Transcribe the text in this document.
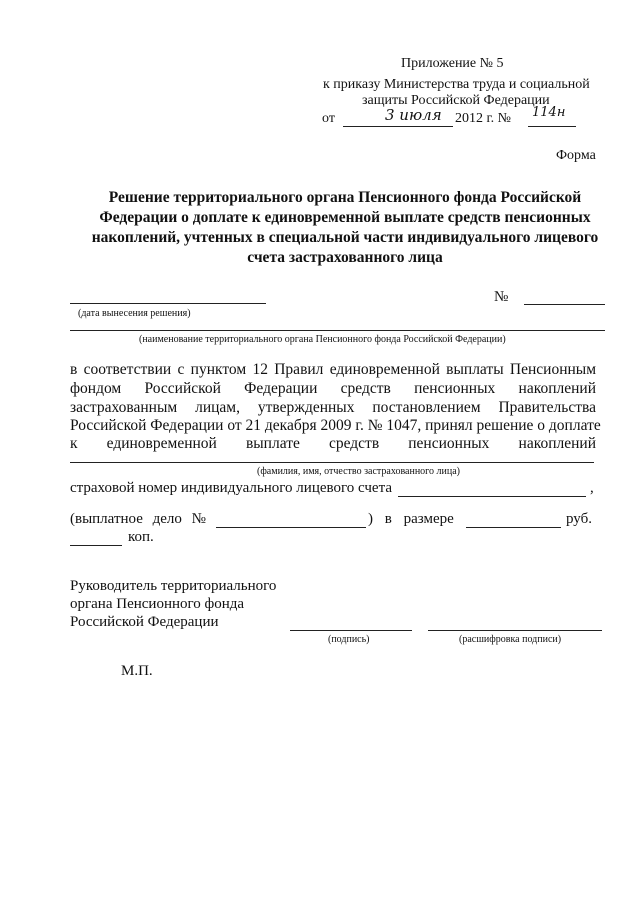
Приложение № 5
к приказу Министерства труда и социальной
защиты Российской Федерации
от	3 июля 2012 г. № 114н
Форма
Решение территориального органа Пенсионного фонда Российской
Федерации о доплате к единовременной выплате средств пенсионных
накоплений, учтенных в специальной части индивидуального лицевого
счета застрахованного лица
(дата вынесения решения)
№
(наименование территориального органа Пенсионного фонда Российской Федерации)
в соответствии с пунктом 12 Правил единовременной выплаты Пенсионным
фондом Российской Федерации средств пенсионных накоплений
застрахованным лицам, утвержденных постановлением Правительства
Российской Федерации от 21 декабря 2009 г. № 1047, принял решение о доплате
к единовременной выплате средств пенсионных накоплений
(фамилия, имя, отчество застрахованного лица)
страховой номер индивидуального лицевого счета	,
(выплатное дело №	) в размере	руб.
коп.
Руководитель территориального
органа Пенсионного фонда
Российской Федерации
(подпись)	(расшифровка подписи)
М.П.
